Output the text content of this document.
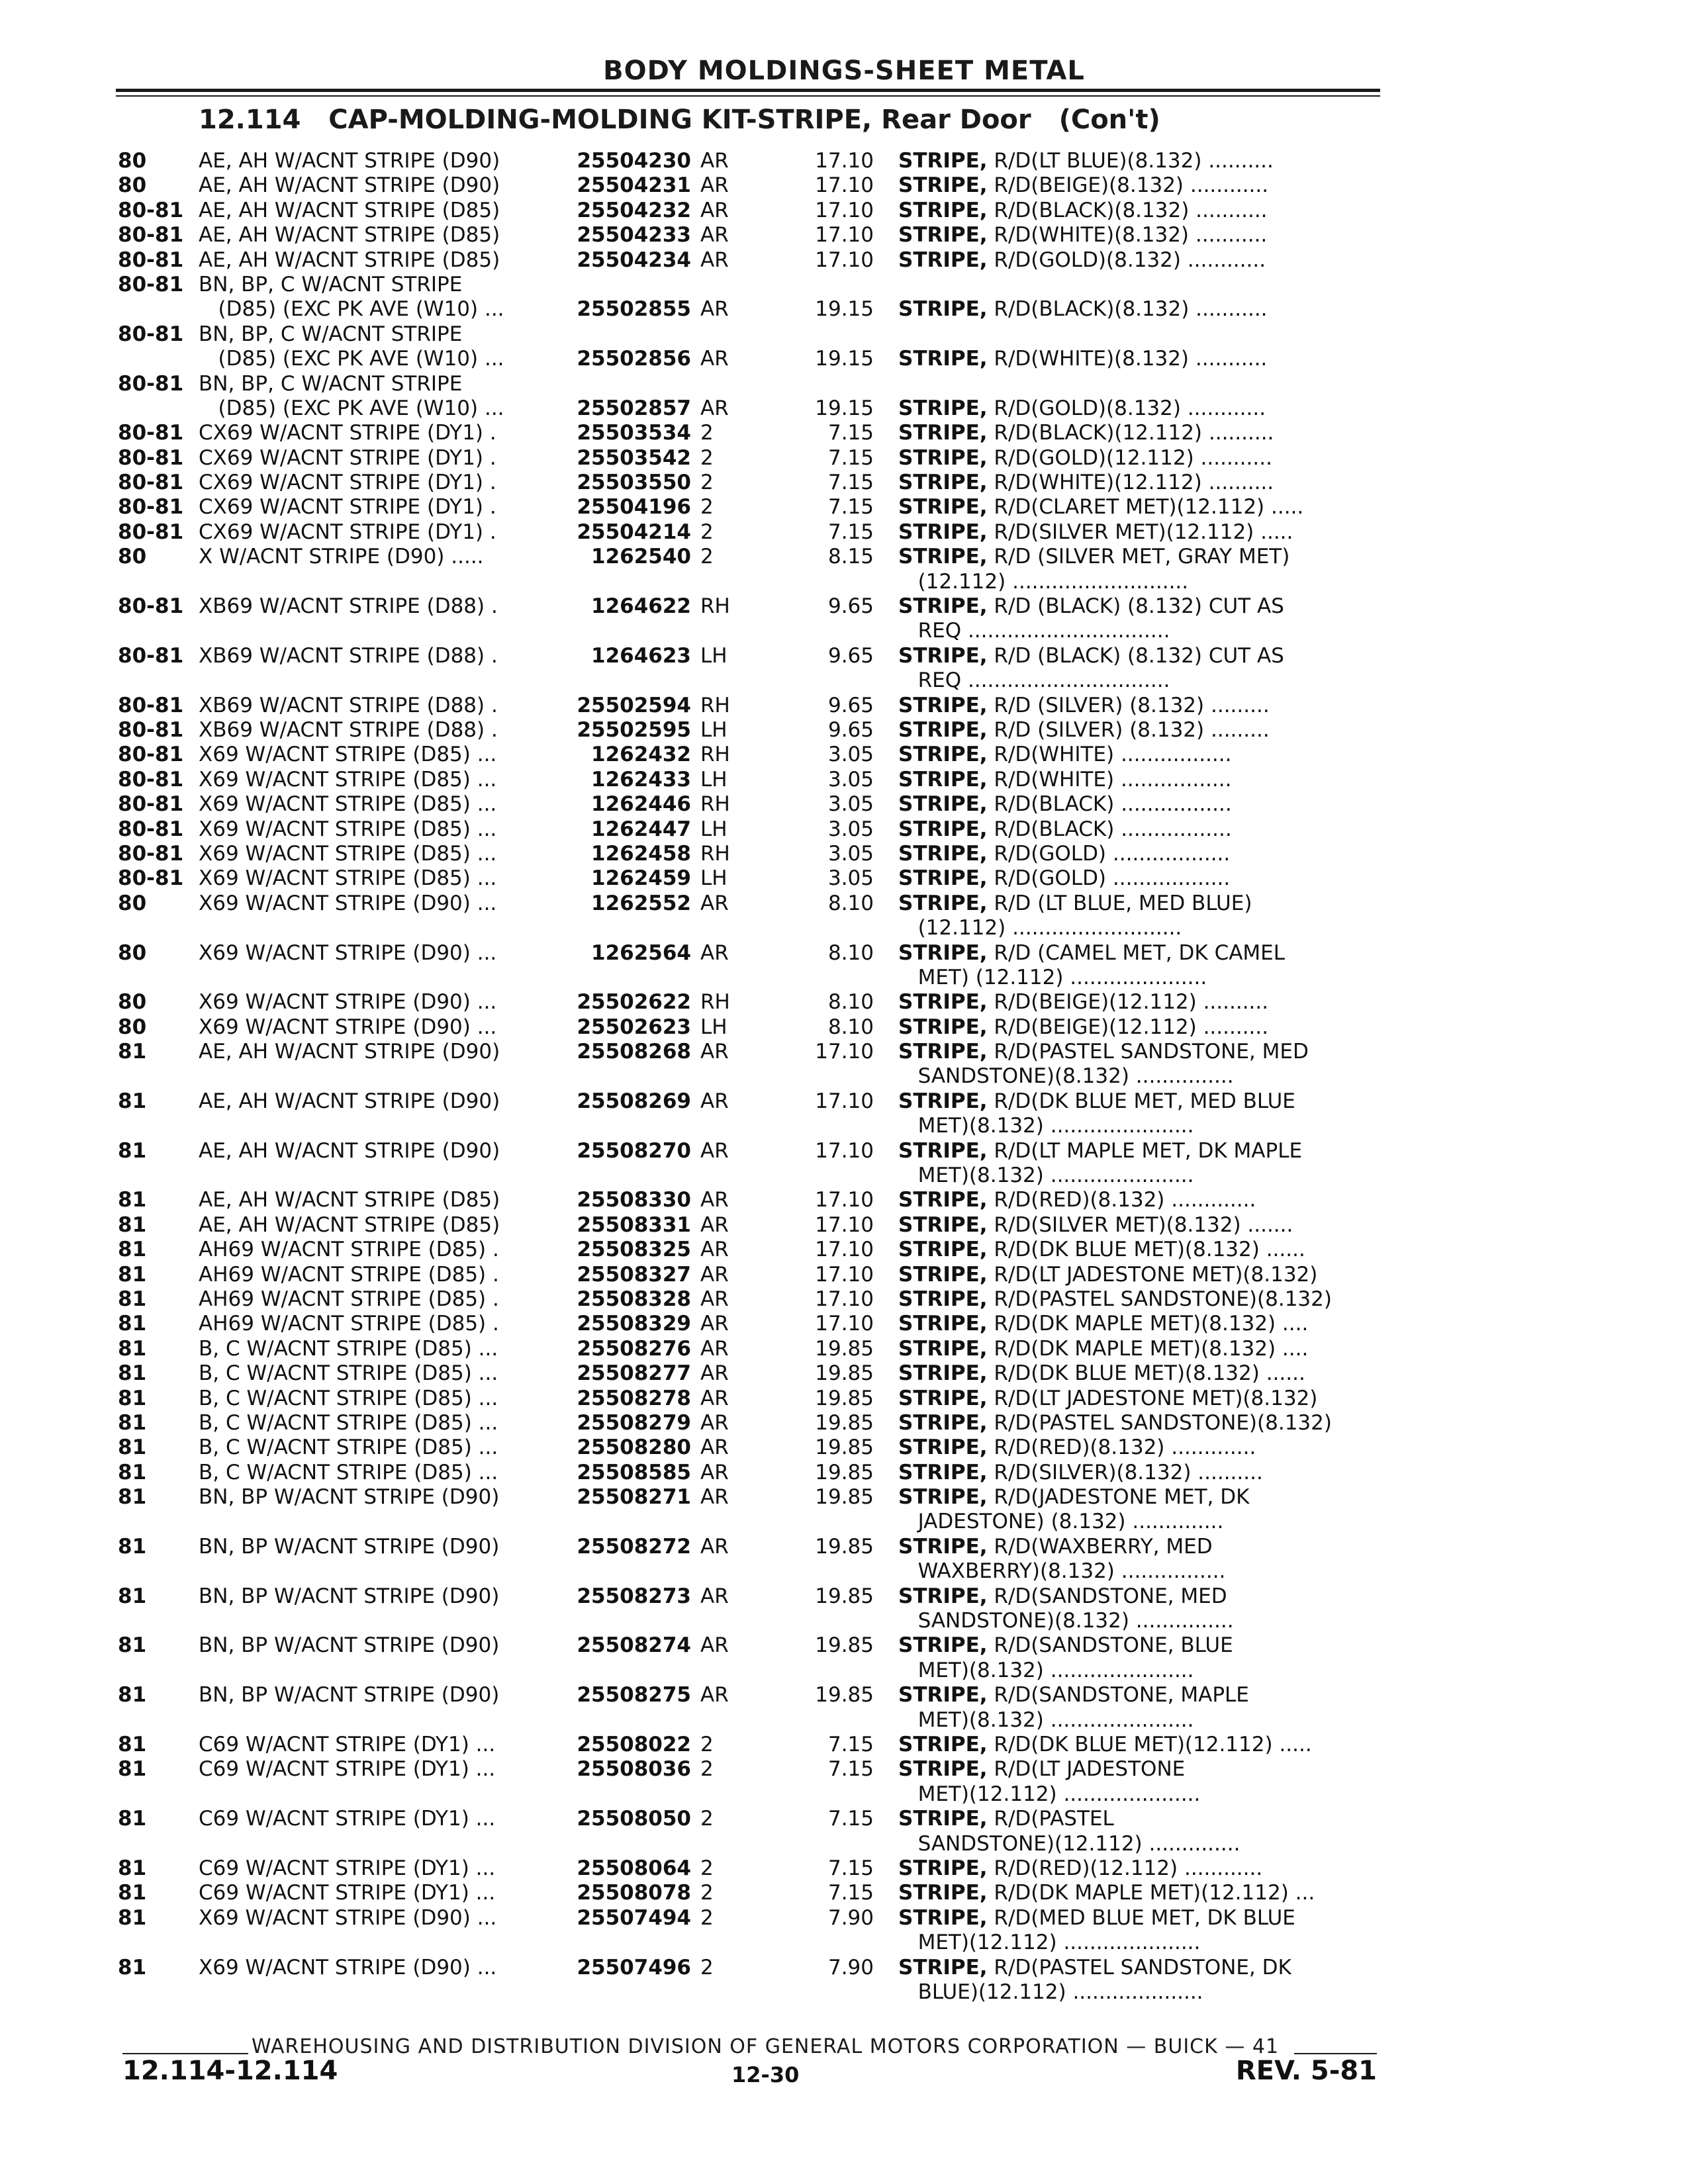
BODY MOLDINGS-SHEET METAL
12.114 CAP-MOLDING-MOLDING KIT-STRIPE, Rear Door (Con't)
80	AE, AH W/ACNT STRIPE (D90)	25504230 AR	17.10 STRIPE, R/D(LT BLUE)(8.132) ..........
80	AE, AH W/ACNT STRIPE (D90)	25504231 AR	17.10 STRIPE, R/D(BEIGE)(8.132) ............
80-81 AE, AH W/ACNT STRIPE (D85)	25504232 AR	17.10 STRIPE, R/D(BLACK)(8.132) ...........
80-81 AE, AH W/ACNT STRIPE (D85)	25504233 AR	17.10 STRIPE, R/D(WHITE)(8.132) ...........
80-81 AE, AH W/ACNT STRIPE (D85)	25504234 AR	17.10 STRIPE, R/D(GOLD)(8.132) ............
80-81 BN, BP, C W/ACNT STRIPE

(D85) (EXC PK AVE (W10) ...	25502855 AR	19.15 STRIPE, R/D(BLACK)(8.132) ...........
80-81 BN, BP, C W/ACNT STRIPE

(D85) (EXC PK AVE (W10) ...	25502856 AR	19.15 STRIPE, R/D(WHITE)(8.132) ...........
80-81 BN, BP, C W/ACNT STRIPE

(D85) (EXC PK AVE (W10) ...	25502857 AR	19.15 STRIPE, R/D(GOLD)(8.132) ............
80-81 CX69 W/ACNT STRIPE (DY1) .	25503534 2	7.15 STRIPE, R/D(BLACK)(12.112) ..........
80-81 CX69 W/ACNT STRIPE (DY1) .	25503542 2	7.15 STRIPE, R/D(GOLD)(12.112) ...........
80-81 CX69 W/ACNT STRIPE (DY1) .	25503550 2	7.15 STRIPE, R/D(WHITE)(12.112) ..........
80-81 CX69 W/ACNT STRIPE (DY1) .	25504196 2	7.15 STRIPE, R/D(CLARET MET)(12.112) .....
80-81 CX69 W/ACNT STRIPE (DY1) .	25504214 2	7.15 STRIPE, R/D(SILVER MET)(12.112) .....
80	X W/ACNT STRIPE (D90) .....	1262540 2	8.15 STRIPE, R/D (SILVER MET, GRAY MET)
(12.112) ...........................
80-81 XB69 W/ACNT STRIPE (D88) .	1264622 RH	9.65 STRIPE, R/D (BLACK) (8.132) CUT AS
REQ ...............................
80-81 XB69 W/ACNT STRIPE (D88) .	1264623 LH	9.65 STRIPE, R/D (BLACK) (8.132) CUT AS
REQ ...............................
80-81 XB69 W/ACNT STRIPE (D88) .	25502594 RH	9.65 STRIPE, R/D (SILVER) (8.132) .........
80-81 XB69 W/ACNT STRIPE (D88) .	25502595 LH	9.65 STRIPE, R/D (SILVER) (8.132) .........
80-81 X69 W/ACNT STRIPE (D85) ...	1262432 RH	3.05 STRIPE, R/D(WHITE) .................
80-81 X69 W/ACNT STRIPE (D85) ...	1262433 LH	3.05 STRIPE, R/D(WHITE) .................
80-81 X69 W/ACNT STRIPE (D85) ...	1262446 RH	3.05 STRIPE, R/D(BLACK) .................
80-81 X69 W/ACNT STRIPE (D85) ...	1262447 LH	3.05 STRIPE, R/D(BLACK) .................
80-81 X69 W/ACNT STRIPE (D85) ...	1262458 RH	3.05 STRIPE, R/D(GOLD) ..................
80-81 X69 W/ACNT STRIPE (D85) ...	1262459 LH	3.05 STRIPE, R/D(GOLD) ..................
80	X69 W/ACNT STRIPE (D90) ...	1262552 AR	8.10 STRIPE, R/D (LT BLUE, MED BLUE)
(12.112) ..........................
80	X69 W/ACNT STRIPE (D90) ...	1262564 AR	8.10 STRIPE, R/D (CAMEL MET, DK CAMEL
MET) (12.112) .....................
80	X69 W/ACNT STRIPE (D90) ...	25502622 RH	8.10 STRIPE, R/D(BEIGE)(12.112) ..........
80	X69 W/ACNT STRIPE (D90) ...	25502623 LH	8.10 STRIPE, R/D(BEIGE)(12.112) ..........
81	AE, AH W/ACNT STRIPE (D90)	25508268 AR	17.10 STRIPE, R/D(PASTEL SANDSTONE, MED
SANDSTONE)(8.132) ...............
81	AE, AH W/ACNT STRIPE (D90)	25508269 AR	17.10 STRIPE, R/D(DK BLUE MET, MED BLUE
MET)(8.132) ......................
81	AE, AH W/ACNT STRIPE (D90)	25508270 AR	17.10 STRIPE, R/D(LT MAPLE MET, DK MAPLE
MET)(8.132) ......................
81	AE, AH W/ACNT STRIPE (D85)	25508330 AR	17.10 STRIPE, R/D(RED)(8.132) .............
81	AE, AH W/ACNT STRIPE (D85)	25508331 AR	17.10 STRIPE, R/D(SILVER MET)(8.132) .......
81	AH69 W/ACNT STRIPE (D85) .	25508325 AR	17.10 STRIPE, R/D(DK BLUE MET)(8.132) ......
81	AH69 W/ACNT STRIPE (D85) .	25508327 AR	17.10 STRIPE, R/D(LT JADESTONE MET)(8.132)
81	AH69 W/ACNT STRIPE (D85) .	25508328 AR	17.10 STRIPE, R/D(PASTEL SANDSTONE)(8.132)
81	AH69 W/ACNT STRIPE (D85) .	25508329 AR	17.10 STRIPE, R/D(DK MAPLE MET)(8.132) ....
81	B, C W/ACNT STRIPE (D85) ...	25508276 AR	19.85 STRIPE, R/D(DK MAPLE MET)(8.132) ....
81	B, C W/ACNT STRIPE (D85) ...	25508277 AR	19.85 STRIPE, R/D(DK BLUE MET)(8.132) ......
81	B, C W/ACNT STRIPE (D85) ...	25508278 AR	19.85 STRIPE, R/D(LT JADESTONE MET)(8.132)
81	B, C W/ACNT STRIPE (D85) ...	25508279 AR	19.85 STRIPE, R/D(PASTEL SANDSTONE)(8.132)
81	B, C W/ACNT STRIPE (D85) ...	25508280 AR	19.85 STRIPE, R/D(RED)(8.132) .............
81	B, C W/ACNT STRIPE (D85) ...	25508585 AR	19.85 STRIPE, R/D(SILVER)(8.132) ..........
81	BN, BP W/ACNT STRIPE (D90)	25508271 AR	19.85 STRIPE, R/D(JADESTONE MET, DK
JADESTONE) (8.132) ..............
81	BN, BP W/ACNT STRIPE (D90)	25508272 AR	19.85 STRIPE, R/D(WAXBERRY, MED
WAXBERRY)(8.132) ................
81	BN, BP W/ACNT STRIPE (D90)	25508273 AR	19.85 STRIPE, R/D(SANDSTONE, MED
SANDSTONE)(8.132) ...............
81	BN, BP W/ACNT STRIPE (D90)	25508274 AR	19.85 STRIPE, R/D(SANDSTONE, BLUE
MET)(8.132) ......................
81	BN, BP W/ACNT STRIPE (D90)	25508275 AR	19.85 STRIPE, R/D(SANDSTONE, MAPLE
MET)(8.132) ......................
81	C69 W/ACNT STRIPE (DY1) ...	25508022 2	7.15 STRIPE, R/D(DK BLUE MET)(12.112) .....
81	C69 W/ACNT STRIPE (DY1) ...	25508036 2	7.15 STRIPE, R/D(LT JADESTONE
MET)(12.112) .....................
81	C69 W/ACNT STRIPE (DY1) ...	25508050 2	7.15 STRIPE, R/D(PASTEL
SANDSTONE)(12.112) ..............
81	C69 W/ACNT STRIPE (DY1) ...	25508064 2	7.15 STRIPE, R/D(RED)(12.112) ............
81	C69 W/ACNT STRIPE (DY1) ...	25508078 2	7.15 STRIPE, R/D(DK MAPLE MET)(12.112) ...
81	X69 W/ACNT STRIPE (D90) ...	25507494 2	7.90 STRIPE, R/D(MED BLUE MET, DK BLUE
MET)(12.112) .....................
81	X69 W/ACNT STRIPE (D90) ...	25507496 2	7.90 STRIPE, R/D(PASTEL SANDSTONE, DK
BLUE)(12.112) ....................
WAREHOUSING AND DISTRIBUTION DIVISION OF GENERAL MOTORS CORPORATION — BUICK — 41
12.114-12.114	12-30	REV. 5-81
